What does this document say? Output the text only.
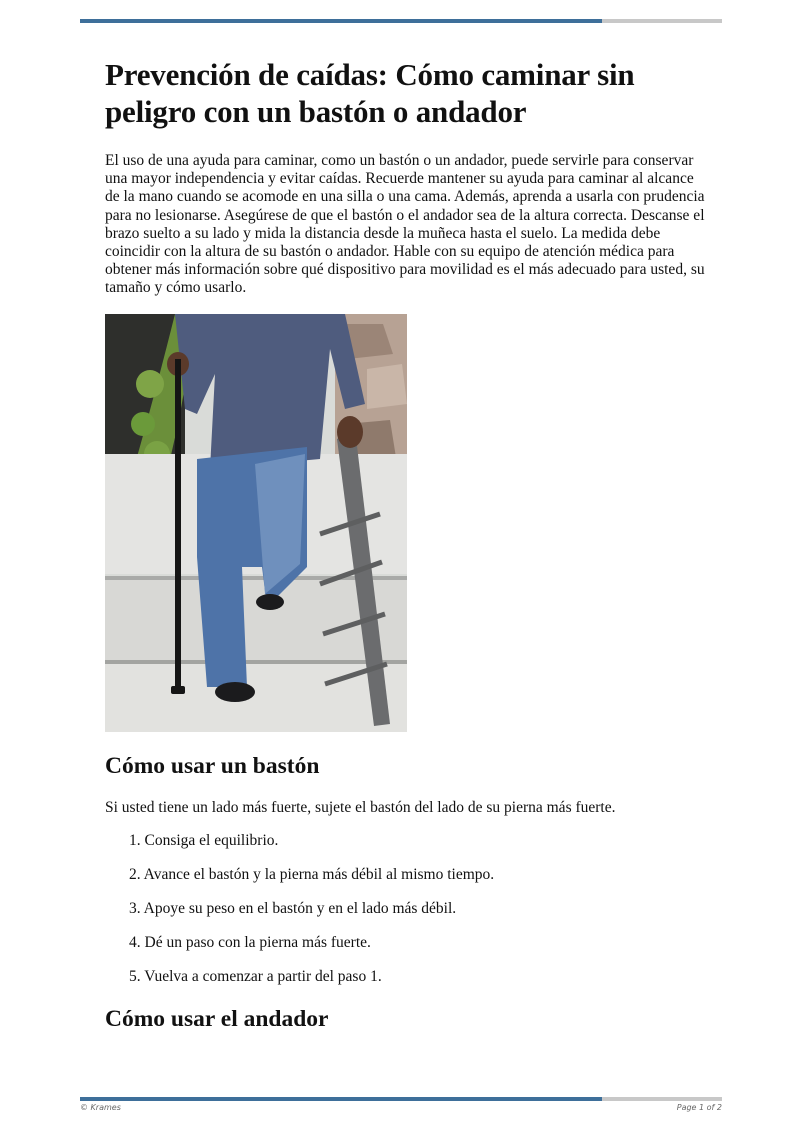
Prevención de caídas: Cómo caminar sin peligro con un bastón o andador

El uso de una ayuda para caminar, como un bastón o un andador, puede servirle para conservar una mayor independencia y evitar caídas. Recuerde mantener su ayuda para caminar al alcance de la mano cuando se acomode en una silla o una cama. Además, aprenda a usarla con prudencia para no lesionarse. Asegúrese de que el bastón o el andador sea de la altura correcta. Descanse el brazo suelto a su lado y mida la distancia desde la muñeca hasta el suelo. La medida debe coincidir con la altura de su bastón o andador. Hable con su equipo de atención médica para obtener más información sobre qué dispositivo para movilidad es el más adecuado para usted, su tamaño y cómo usarlo.

Cómo usar un bastón

Si usted tiene un lado más fuerte, sujete el bastón del lado de su pierna más fuerte.

1. Consiga el equilibrio.
2. Avance el bastón y la pierna más débil al mismo tiempo.
3. Apoye su peso en el bastón y en el lado más débil.
4. Dé un paso con la pierna más fuerte.
5. Vuelva a comenzar a partir del paso 1.
Cómo usar el andador
© Krames	Page 1 of 2
